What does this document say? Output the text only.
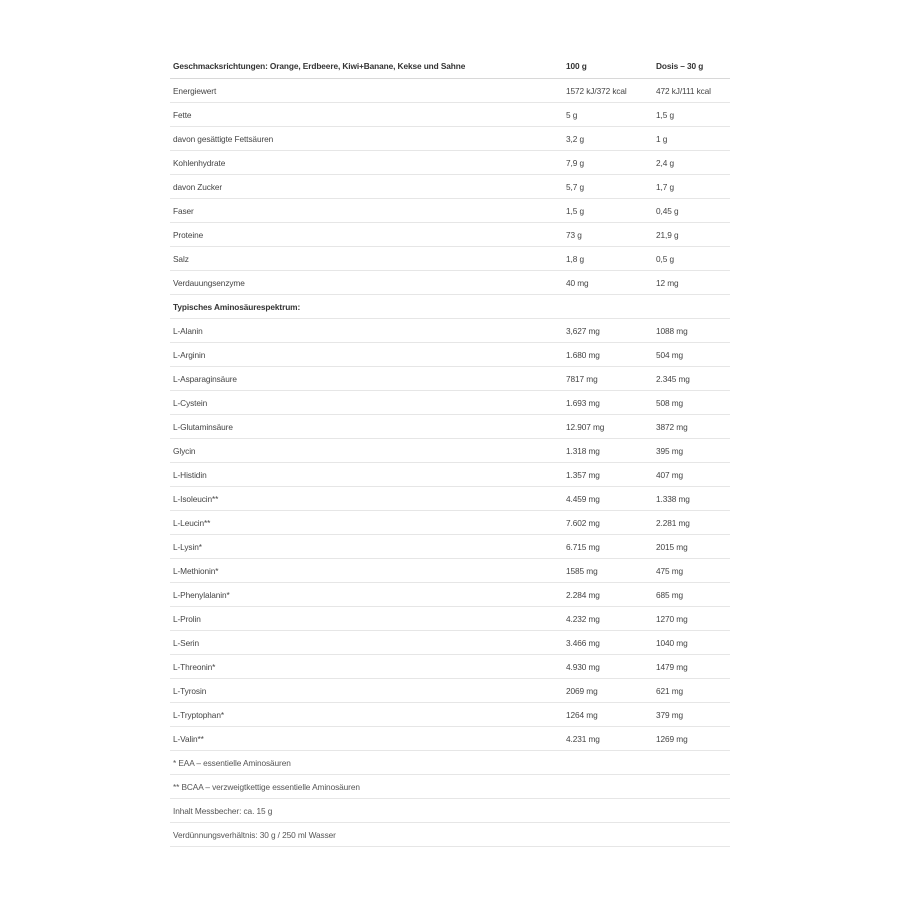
Geschmacksrichtungen: Orange, Erdbeere, Kiwi+Banane, Kekse und Sahne	100 g	Dosis – 30 g
Energiewert	1572 kJ/372 kcal	472 kJ/111 kcal
Fette	5 g	1,5 g
davon gesättigte Fettsäuren	3,2 g	1 g
Kohlenhydrate	7,9 g	2,4 g
davon Zucker	5,7 g	1,7 g
Faser	1,5 g	0,45 g
Proteine	73 g	21,9 g
Salz	1,8 g	0,5 g
Verdauungsenzyme	40 mg	12 mg
Typisches Aminosäurespektrum:
L-Alanin	3,627 mg	1088 mg
L-Arginin	1.680 mg	504 mg
L-Asparaginsäure	7817 mg	2.345 mg
L-Cystein	1.693 mg	508 mg
L-Glutaminsäure	12.907 mg	3872 mg
Glycin	1.318 mg	395 mg
L-Histidin	1.357 mg	407 mg
L-Isoleucin**	4.459 mg	1.338 mg
L-Leucin**	7.602 mg	2.281 mg
L-Lysin*	6.715 mg	2015 mg
L-Methionin*	1585 mg	475 mg
L-Phenylalanin*	2.284 mg	685 mg
L-Prolin	4.232 mg	1270 mg
L-Serin	3.466 mg	1040 mg
L-Threonin*	4.930 mg	1479 mg
L-Tyrosin	2069 mg	621 mg
L-Tryptophan*	1264 mg	379 mg
L-Valin**	4.231 mg	1269 mg
* EAA – essentielle Aminosäuren
** BCAA – verzweigtkettige essentielle Aminosäuren
Inhalt Messbecher: ca. 15 g
Verdünnungsverhältnis: 30 g / 250 ml Wasser
